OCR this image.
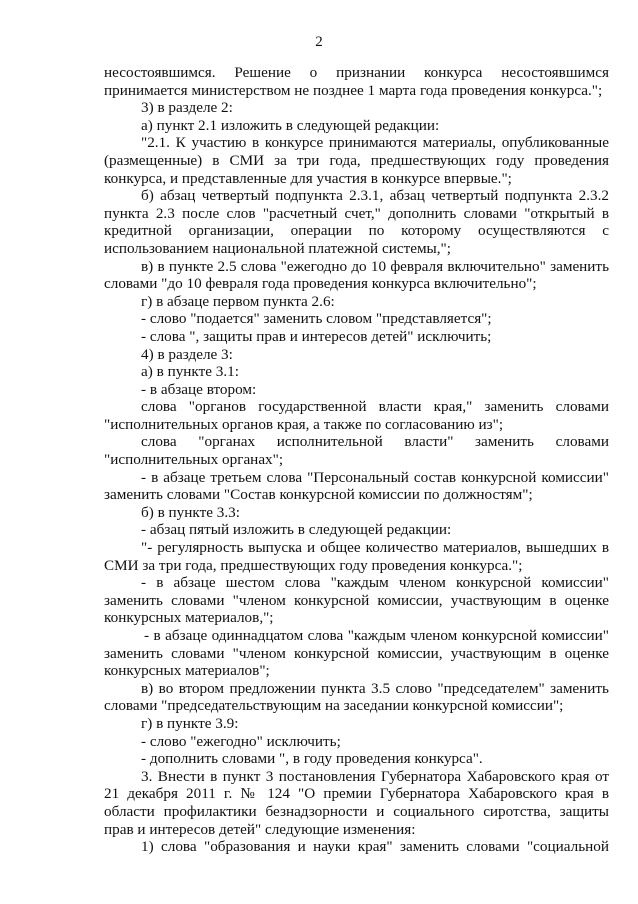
2
несостоявшимся. Решение о признании конкурса несостоявшимся
принимается министерством не позднее 1 марта года проведения конкурса.";
3) в разделе 2:
а) пункт 2.1 изложить в следующей редакции:
"2.1. К участию в конкурсе принимаются материалы, опубликованные
(размещенные) в СМИ за три года, предшествующих году проведения
конкурса, и представленные для участия в конкурсе впервые.";
б) абзац четвертый подпункта 2.3.1, абзац четвертый подпункта 2.3.2
пункта 2.3 после слов "расчетный счет," дополнить словами "открытый в
кредитной организации, операции по которому осуществляются с
использованием национальной платежной системы,";
в) в пункте 2.5 слова "ежегодно до 10 февраля включительно" заменить
словами "до 10 февраля года проведения конкурса включительно";
г) в абзаце первом пункта 2.6:
- слово "подается" заменить словом "представляется";
- слова ", защиты прав и интересов детей" исключить;
4) в разделе 3:
а) в пункте 3.1:
- в абзаце втором:
слова "органов государственной власти края," заменить словами
"исполнительных органов края, а также по согласованию из";
слова "органах исполнительной власти" заменить словами
"исполнительных органах";
- в абзаце третьем слова "Персональный состав конкурсной комиссии"
заменить словами "Состав конкурсной комиссии по должностям";
б) в пункте 3.3:
- абзац пятый изложить в следующей редакции:
"- регулярность выпуска и общее количество материалов, вышедших в
СМИ за три года, предшествующих году проведения конкурса.";
- в абзаце шестом слова "каждым членом конкурсной комиссии"
заменить словами "членом конкурсной комиссии, участвующим в оценке
конкурсных материалов,";
- в абзаце одиннадцатом слова "каждым членом конкурсной комиссии"
заменить словами "членом конкурсной комиссии, участвующим в оценке
конкурсных материалов";
в) во втором предложении пункта 3.5 слово "председателем" заменить
словами "председательствующим на заседании конкурсной комиссии";
г) в пункте 3.9:
- слово "ежегодно" исключить;
- дополнить словами ", в году проведения конкурса".
3. Внести в пункт 3 постановления Губернатора Хабаровского края от
21 декабря 2011 г. № 124 "О премии Губернатора Хабаровского края в
области профилактики безнадзорности и социального сиротства, защиты
прав и интересов детей" следующие изменения:
1) слова "образования и науки края" заменить словами "социальной
